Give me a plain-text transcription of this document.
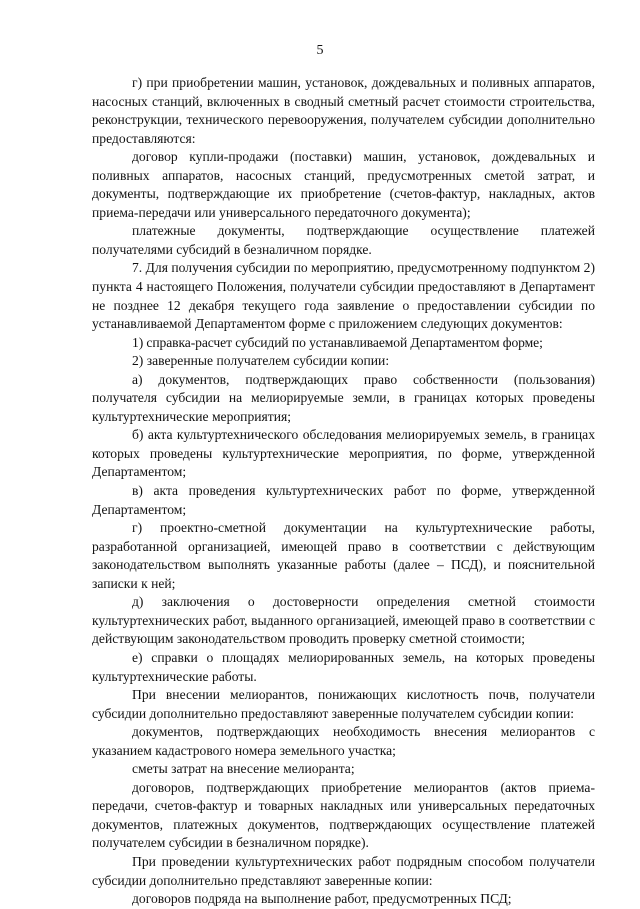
5

г) при приобретении машин, установок, дождевальных и поливных аппаратов, насосных станций, включенных в сводный сметный расчет стоимости строительства, реконструкции, технического перевооружения, получателем субсидии дополнительно предоставляются:

договор купли-продажи (поставки) машин, установок, дождевальных и поливных аппаратов, насосных станций, предусмотренных сметой затрат, и документы, подтверждающие их приобретение (счетов-фактур, накладных, актов приема-передачи или универсального передаточного документа);

платежные документы, подтверждающие осуществление платежей получателями субсидий в безналичном порядке.

7. Для получения субсидии по мероприятию, предусмотренному подпунктом 2) пункта 4 настоящего Положения, получатели субсидии предоставляют в Департамент не позднее 12 декабря текущего года заявление о предоставлении субсидии по устанавливаемой Департаментом форме с приложением следующих документов:

1) справка-расчет субсидий по устанавливаемой Департаментом форме;

2) заверенные получателем субсидии копии:

а) документов, подтверждающих право собственности (пользования) получателя субсидии на мелиорируемые земли, в границах которых проведены культуртехнические мероприятия;

б) акта культуртехнического обследования мелиорируемых земель, в границах которых проведены культуртехнические мероприятия, по форме, утвержденной Департаментом;

в) акта проведения культуртехнических работ по форме, утвержденной Департаментом;

г) проектно-сметной документации на культуртехнические работы, разработанной организацией, имеющей право в соответствии с действующим законодательством выполнять указанные работы (далее – ПСД), и пояснительной записки к ней;

д) заключения о достоверности определения сметной стоимости культуртехнических работ, выданного организацией, имеющей право в соответствии с действующим законодательством проводить проверку сметной стоимости;

е) справки о площадях мелиорированных земель, на которых проведены культуртехнические работы.

При внесении мелиорантов, понижающих кислотность почв, получатели субсидии дополнительно предоставляют заверенные получателем субсидии копии:

документов, подтверждающих необходимость внесения мелиорантов с указанием кадастрового номера земельного участка;

сметы затрат на внесение мелиоранта;

договоров, подтверждающих приобретение мелиорантов (актов приема-передачи, счетов-фактур и товарных накладных или универсальных передаточных документов, платежных документов, подтверждающих осуществление платежей получателем субсидии в безналичном порядке).

При проведении культуртехнических работ подрядным способом получатели субсидии дополнительно представляют заверенные копии:

договоров подряда на выполнение работ, предусмотренных ПСД;
